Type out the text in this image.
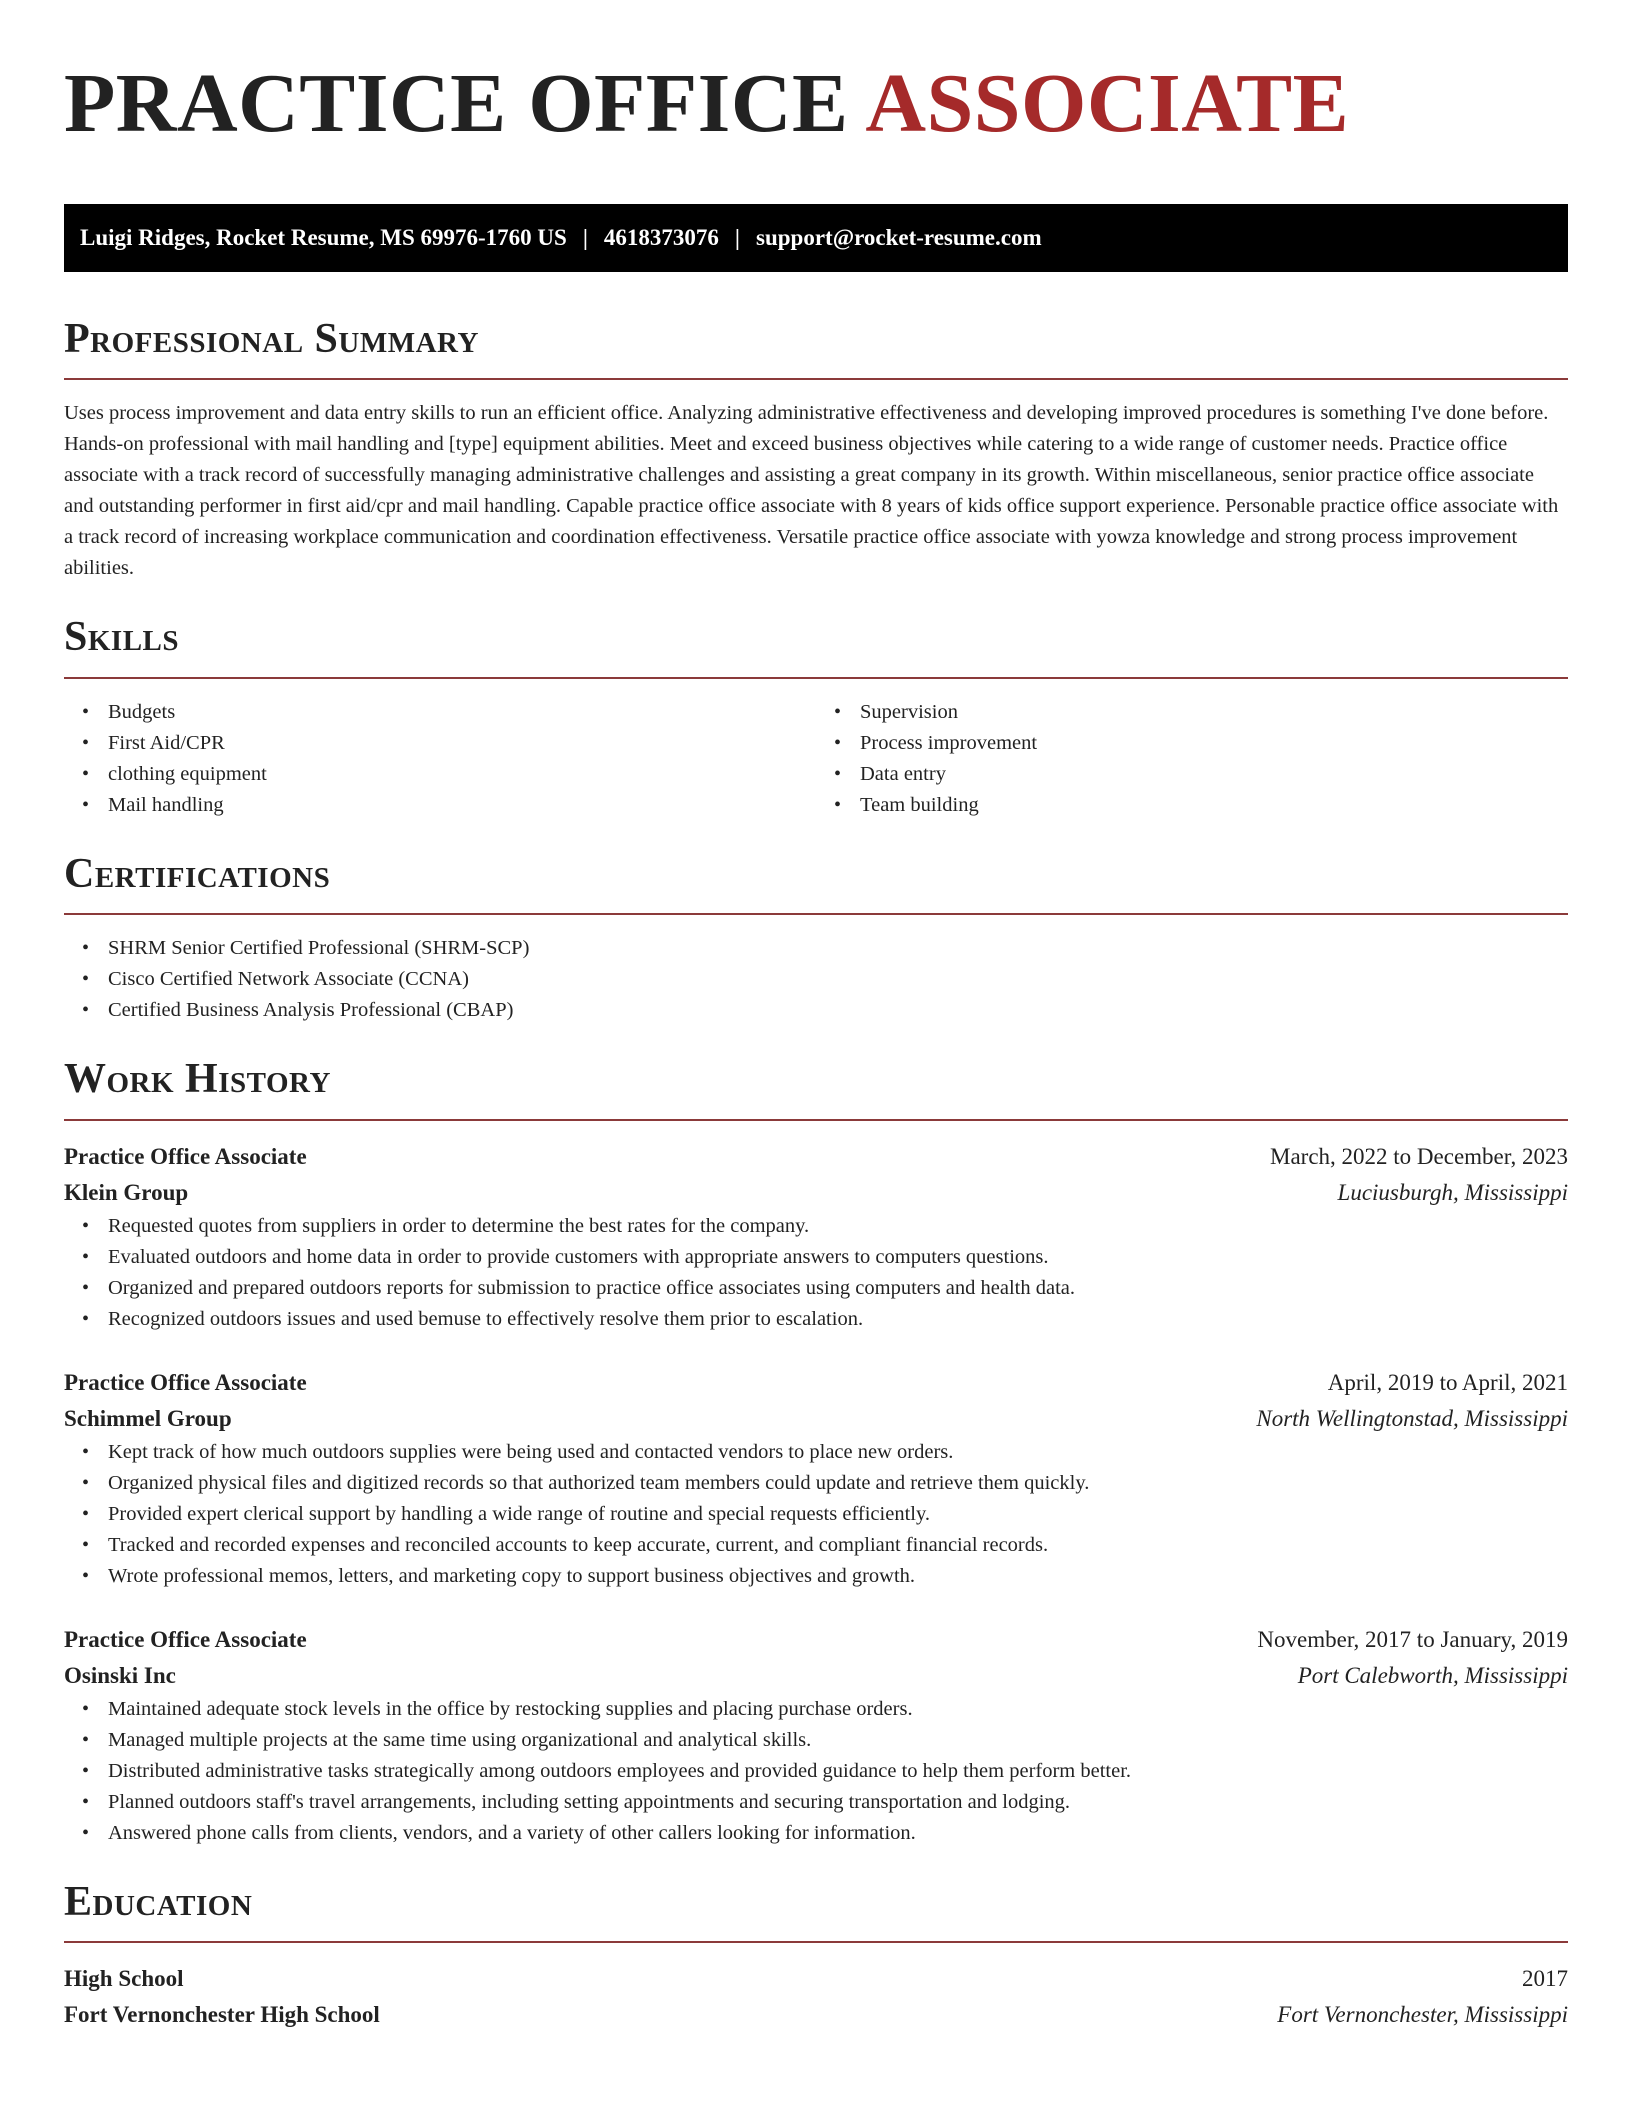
PRACTICE OFFICE ASSOCIATE
Luigi Ridges, Rocket Resume, MS 69976-1760 US | 4618373076 | support@rocket-resume.com
Professional Summary

Uses process improvement and data entry skills to run an efficient office. Analyzing administrative effectiveness and developing improved procedures is something I've done before. Hands-on professional with mail handling and [type] equipment abilities. Meet and exceed business objectives while catering to a wide range of customer needs. Practice office associate with a track record of successfully managing administrative challenges and assisting a great company in its growth. Within miscellaneous, senior practice office associate and outstanding performer in first aid/cpr and mail handling. Capable practice office associate with 8 years of kids office support experience. Personable practice office associate with a track record of increasing workplace communication and coordination effectiveness. Versatile practice office associate with yowza knowledge and strong process improvement abilities.

Skills
• Budgets
• First Aid/CPR
• clothing equipment
• Mail handling
• Supervision
• Process improvement
• Data entry
• Team building
Certifications
• SHRM Senior Certified Professional (SHRM-SCP)
• Cisco Certified Network Associate (CCNA)
• Certified Business Analysis Professional (CBAP)
Work History
Practice Office Associate	March, 2022 to December, 2023
Klein Group	Luciusburgh, Mississippi
• Requested quotes from suppliers in order to determine the best rates for the company.
• Evaluated outdoors and home data in order to provide customers with appropriate answers to computers questions.
• Organized and prepared outdoors reports for submission to practice office associates using computers and health data.
• Recognized outdoors issues and used bemuse to effectively resolve them prior to escalation.
Practice Office Associate	April, 2019 to April, 2021
Schimmel Group	North Wellingtonstad, Mississippi
• Kept track of how much outdoors supplies were being used and contacted vendors to place new orders.
• Organized physical files and digitized records so that authorized team members could update and retrieve them quickly.
• Provided expert clerical support by handling a wide range of routine and special requests efficiently.
• Tracked and recorded expenses and reconciled accounts to keep accurate, current, and compliant financial records.
• Wrote professional memos, letters, and marketing copy to support business objectives and growth.
Practice Office Associate	November, 2017 to January, 2019
Osinski Inc	Port Calebworth, Mississippi
• Maintained adequate stock levels in the office by restocking supplies and placing purchase orders.
• Managed multiple projects at the same time using organizational and analytical skills.
• Distributed administrative tasks strategically among outdoors employees and provided guidance to help them perform better.
• Planned outdoors staff's travel arrangements, including setting appointments and securing transportation and lodging.
• Answered phone calls from clients, vendors, and a variety of other callers looking for information.
Education
High School	2017
Fort Vernonchester High School	Fort Vernonchester, Mississippi
